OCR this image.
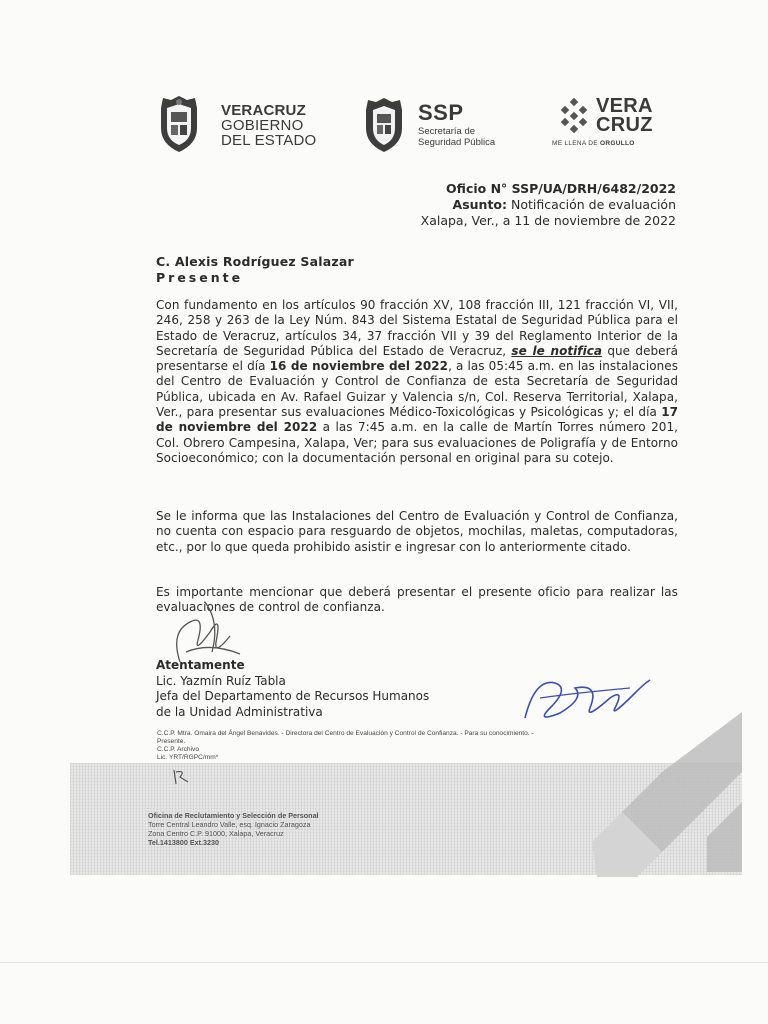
VERACRUZ
GOBIERNO
DEL ESTADO
SSP
Secretaría de
Seguridad Pública
VERA
CRUZ
ME LLENA DE ORGULLO
Oficio N° SSP/UA/DRH/6482/2022
Asunto: Notificación de evaluación
Xalapa, Ver., a 11 de noviembre de 2022
C. Alexis Rodríguez Salazar
Presente
Con fundamento en los artículos 90 fracción XV, 108 fracción III, 121 fracción VI, VII, 246, 258 y 263 de la Ley Núm. 843 del Sistema Estatal de Seguridad Pública para el Estado de Veracruz, artículos 34, 37 fracción VII y 39 del Reglamento Interior de la Secretaría de Seguridad Pública del Estado de Veracruz, se le notifica que deberá presentarse el día 16 de noviembre del 2022, a las 05:45 a.m. en las instalaciones del Centro de Evaluación y Control de Confianza de esta Secretaría de Seguridad Pública, ubicada en Av. Rafael Guizar y Valencia s/n, Col. Reserva Territorial, Xalapa, Ver., para presentar sus evaluaciones Médico-Toxicológicas y Psicológicas y; el día 17 de noviembre del 2022 a las 7:45 a.m. en la calle de Martín Torres número 201, Col. Obrero Campesina, Xalapa, Ver; para sus evaluaciones de Poligrafía y de Entorno Socioeconómico; con la documentación personal en original para su cotejo.
Se le informa que las Instalaciones del Centro de Evaluación y Control de Confianza, no cuenta con espacio para resguardo de objetos, mochilas, maletas, computadoras, etc., por lo que queda prohibido asistir e ingresar con lo anteriormente citado.
Es importante mencionar que deberá presentar el presente oficio para realizar las evaluaciones de control de confianza.
Atentamente
Lic. Yazmín Ruíz Tabla
Jefa del Departamento de Recursos Humanos
de la Unidad Administrativa
C.C.P. Mtra. Omaira del Ángel Benavides. - Directora del Centro de Evaluación y Control de Confianza. - Para su conocimiento. -
Presente.
C.C.P. Archivo
Lic. YRT/RGPC/mm*
Oficina de Reclutamiento y Selección de Personal
Torre Central Leandro Valle, esq. Ignacio Zaragoza
Zona Centro C.P. 91000, Xalapa, Veracruz
Tel.1413800 Ext.3230
